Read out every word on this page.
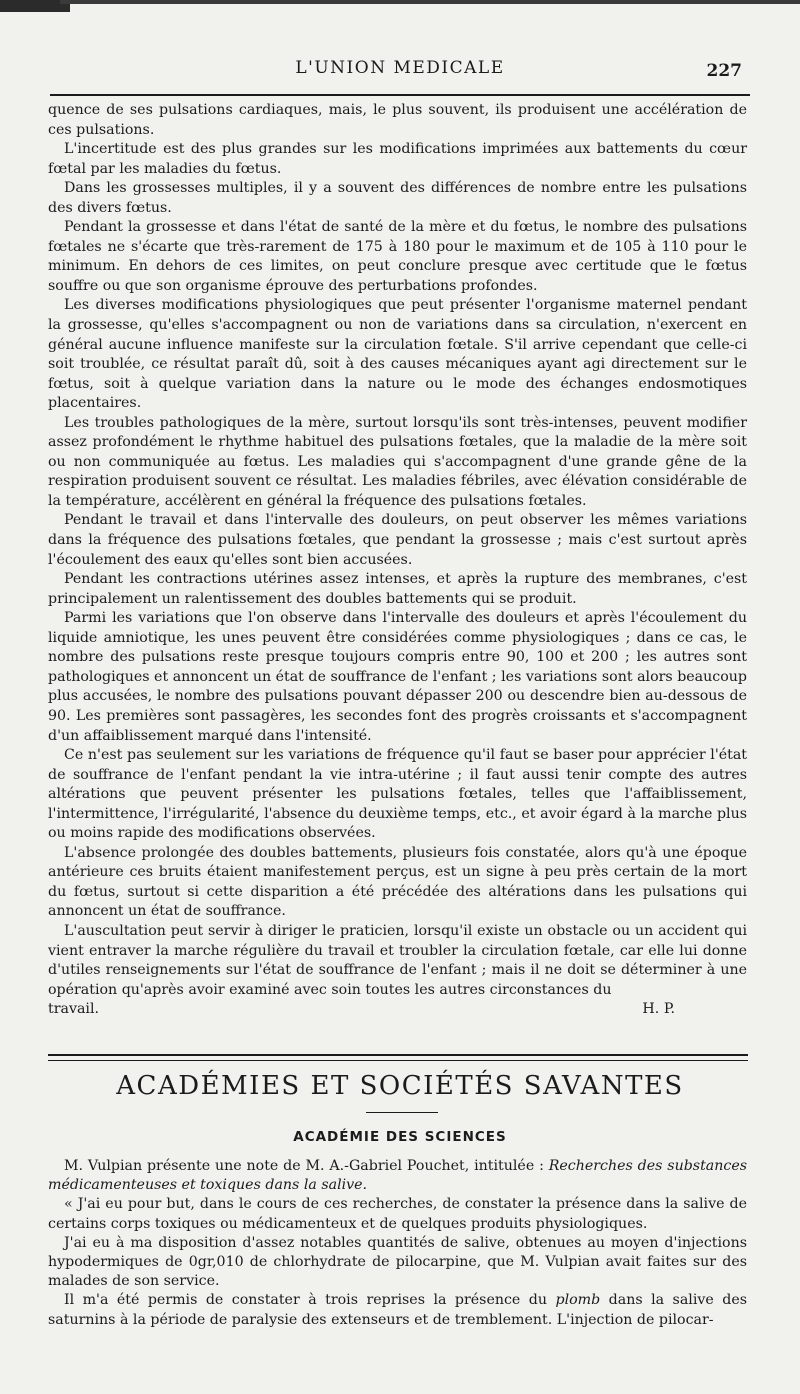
L'UNION MEDICALE	227

quence de ses pulsations cardiaques, mais, le plus souvent, ils produisent une accélération de ces pulsations.

L'incertitude est des plus grandes sur les modifications imprimées aux battements du cœur fœtal par les maladies du fœtus.

Dans les grossesses multiples, il y a souvent des différences de nombre entre les pulsations des divers fœtus.

Pendant la grossesse et dans l'état de santé de la mère et du fœtus, le nombre des pulsations fœtales ne s'écarte que très-rarement de 175 à 180 pour le maximum et de 105 à 110 pour le minimum. En dehors de ces limites, on peut conclure presque avec certitude que le fœtus souffre ou que son organisme éprouve des perturbations profondes.

Les diverses modifications physiologiques que peut présenter l'organisme maternel pendant la grossesse, qu'elles s'accompagnent ou non de variations dans sa circulation, n'exercent en général aucune influence manifeste sur la circulation fœtale. S'il arrive cependant que celle-ci soit troublée, ce résultat paraît dû, soit à des causes mécaniques ayant agi directement sur le fœtus, soit à quelque variation dans la nature ou le mode des échanges endosmotiques placentaires.

Les troubles pathologiques de la mère, surtout lorsqu'ils sont très-intenses, peuvent modifier assez profondément le rhythme habituel des pulsations fœtales, que la maladie de la mère soit ou non communiquée au fœtus. Les maladies qui s'accompagnent d'une grande gêne de la respiration produisent souvent ce résultat. Les maladies fébriles, avec élévation considérable de la température, accélèrent en général la fréquence des pulsations fœtales.

Pendant le travail et dans l'intervalle des douleurs, on peut observer les mêmes variations dans la fréquence des pulsations fœtales, que pendant la grossesse ; mais c'est surtout après l'écoulement des eaux qu'elles sont bien accusées.

Pendant les contractions utérines assez intenses, et après la rupture des membranes, c'est principalement un ralentissement des doubles battements qui se produit.

Parmi les variations que l'on observe dans l'intervalle des douleurs et après l'écoulement du liquide amniotique, les unes peuvent être considérées comme physiologiques ; dans ce cas, le nombre des pulsations reste presque toujours compris entre 90, 100 et 200 ; les autres sont pathologiques et annoncent un état de souffrance de l'enfant ; les variations sont alors beaucoup plus accusées, le nombre des pulsations pouvant dépasser 200 ou descendre bien au-dessous de 90. Les premières sont passagères, les secondes font des progrès croissants et s'accompagnent d'un affaiblissement marqué dans l'intensité.

Ce n'est pas seulement sur les variations de fréquence qu'il faut se baser pour apprécier l'état de souffrance de l'enfant pendant la vie intra-utérine ; il faut aussi tenir compte des autres altérations que peuvent présenter les pulsations fœtales, telles que l'affaiblissement, l'intermittence, l'irrégularité, l'absence du deuxième temps, etc., et avoir égard à la marche plus ou moins rapide des modifications observées.

L'absence prolongée des doubles battements, plusieurs fois constatée, alors qu'à une époque antérieure ces bruits étaient manifestement perçus, est un signe à peu près certain de la mort du fœtus, surtout si cette disparition a été précédée des altérations dans les pulsations qui annoncent un état de souffrance.

L'auscultation peut servir à diriger le praticien, lorsqu'il existe un obstacle ou un accident qui vient entraver la marche régulière du travail et troubler la circulation fœtale, car elle lui donne d'utiles renseignements sur l'état de souffrance de l'enfant ; mais il ne doit se déterminer à une opération qu'après avoir examiné avec soin toutes les autres circonstances du

travail.	H. P.

ACADÉMIES ET SOCIÉTÉS SAVANTES
ACADÉMIE DES SCIENCES

M. Vulpian présente une note de M. A.-Gabriel Pouchet, intitulée : Recherches des substances médicamenteuses et toxiques dans la salive.

« J'ai eu pour but, dans le cours de ces recherches, de constater la présence dans la salive de certains corps toxiques ou médicamenteux et de quelques produits physiologiques.

J'ai eu à ma disposition d'assez notables quantités de salive, obtenues au moyen d'injections hypodermiques de 0gr,010 de chlorhydrate de pilocarpine, que M. Vulpian avait faites sur des malades de son service.

Il m'a été permis de constater à trois reprises la présence du plomb dans la salive des saturnins à la période de paralysie des extenseurs et de tremblement. L'injection de pilocar-
